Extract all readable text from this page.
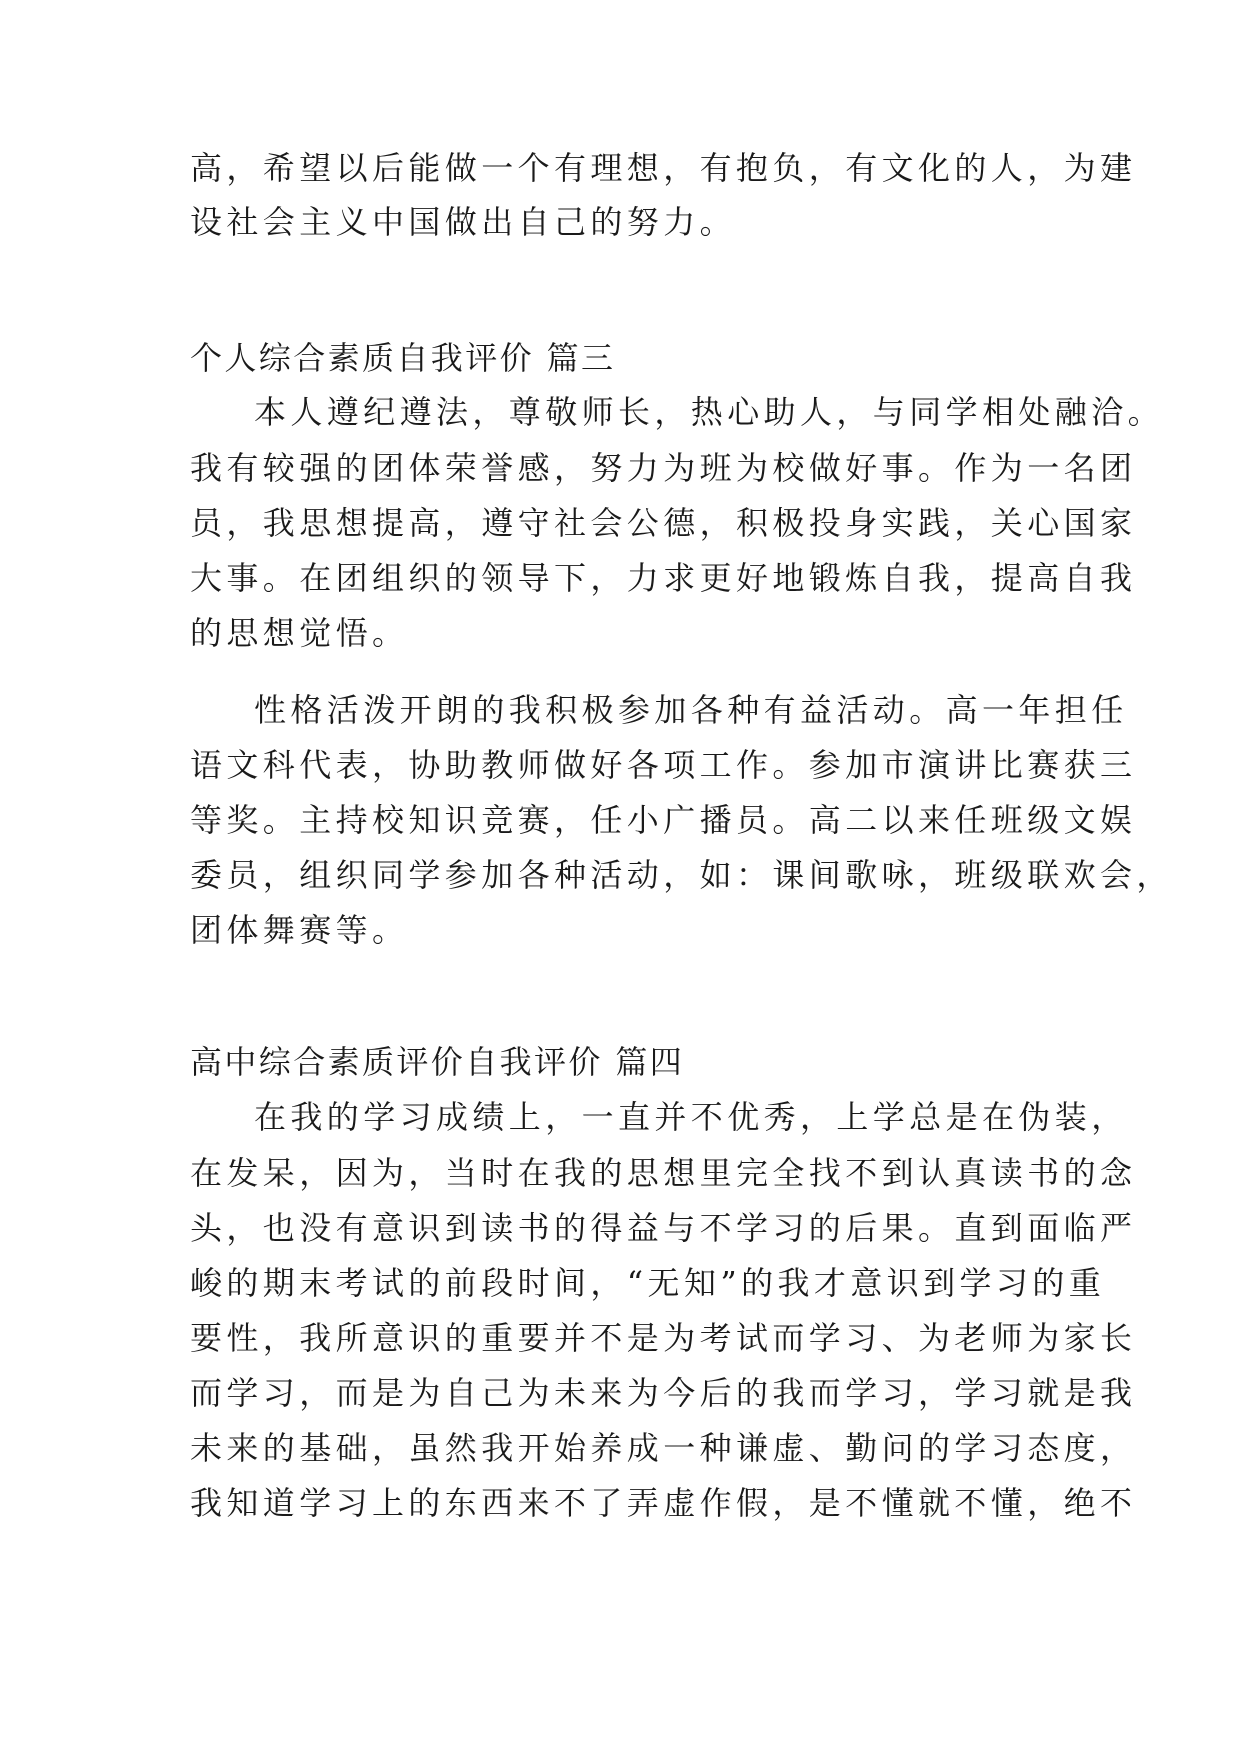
高，希望以后能做一个有理想，有抱负，有文化的人，为建
设社会主义中国做出自己的努力。
个人综合素质自我评价 篇三
本人遵纪遵法，尊敬师长，热心助人，与同学相处融洽。
我有较强的团体荣誉感，努力为班为校做好事。作为一名团
员，我思想提高，遵守社会公德，积极投身实践，关心国家
大事。在团组织的领导下，力求更好地锻炼自我，提高自我
的思想觉悟。
性格活泼开朗的我积极参加各种有益活动。高一年担任
语文科代表，协助教师做好各项工作。参加市演讲比赛获三
等奖。主持校知识竞赛，任小广播员。高二以来任班级文娱
委员，组织同学参加各种活动，如：课间歌咏，班级联欢会，
团体舞赛等。
高中综合素质评价自我评价 篇四
在我的学习成绩上，一直并不优秀，上学总是在伪装，
在发呆，因为，当时在我的思想里完全找不到认真读书的念
头，也没有意识到读书的得益与不学习的后果。直到面临严
峻的期末考试的前段时间，“无知”的我才意识到学习的重
要性，我所意识的重要并不是为考试而学习、为老师为家长
而学习，而是为自己为未来为今后的我而学习，学习就是我
未来的基础，虽然我开始养成一种谦虚、勤问的学习态度，
我知道学习上的东西来不了弄虚作假，是不懂就不懂，绝不
